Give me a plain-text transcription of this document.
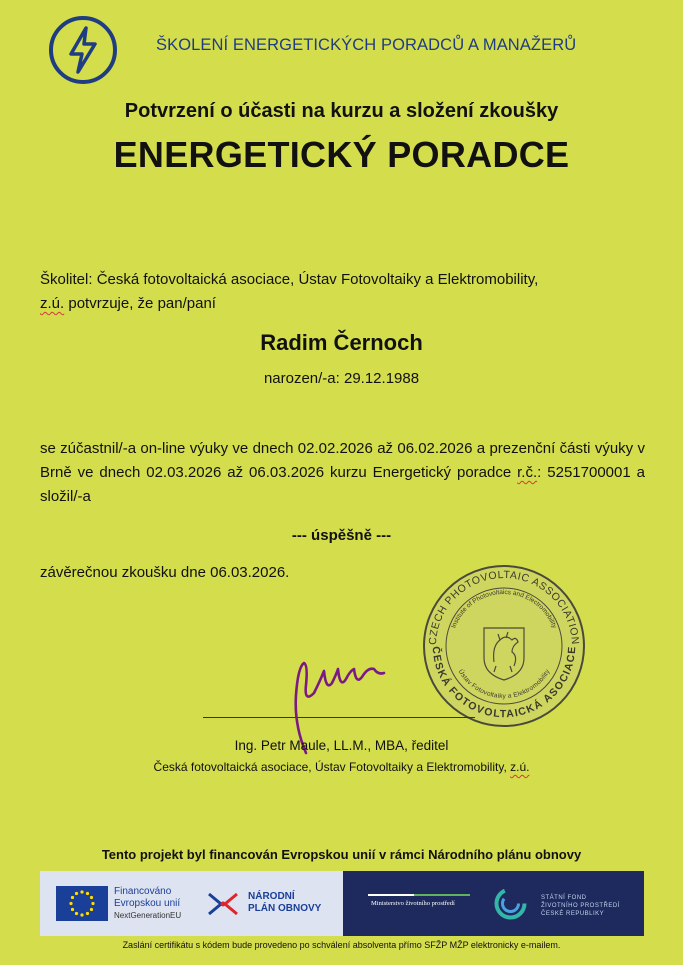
ŠKOLENÍ ENERGETICKÝCH PORADCŮ A MANAŽERŮ
Potvrzení o účasti na kurzu a složení zkoušky
ENERGETICKÝ PORADCE
Školitel: Česká fotovoltaická asociace, Ústav Fotovoltaiky a Elektromobility,
z.ú. potvrzuje, že pan/paní
Radim Černoch
narozen/-a: 29.12.1988
se zúčastnil/-a on-line výuky ve dnech 02.02.2026 až 06.02.2026 a prezenční části výuky v Brně ve dnech 02.03.2026 až 06.03.2026 kurzu Energetický poradce r.č.: 5251700001 a složil/-a
--- úspěšně ---
závěrečnou zkoušku dne 06.03.2026.
CZECH PHOTOVOLTAIC ASSOCIATION
Institute of Photovoltaics and Electromobility
Ústav Fotovoltaiky a Elektromobility
ČESKÁ FOTOVOLTAICKÁ ASOCIACE
Ing. Petr Maule, LL.M., MBA, ředitel
Česká fotovoltaická asociace, Ústav Fotovoltaiky a Elektromobility, z.ú.
Tento projekt byl financován Evropskou unií v rámci Národního plánu obnovy
Financováno
Evropskou unií
NextGenerationEU
NÁRODNÍ
PLÁN OBNOVY	Ministerstvo životního prostředí
STÁTNÍ FOND
ŽIVOTNÍHO PROSTŘEDÍ
ČESKÉ REPUBLIKY
Zaslání certifikátu s kódem bude provedeno po schválení absolventa přímo SFŽP MŽP elektronicky e-mailem.
